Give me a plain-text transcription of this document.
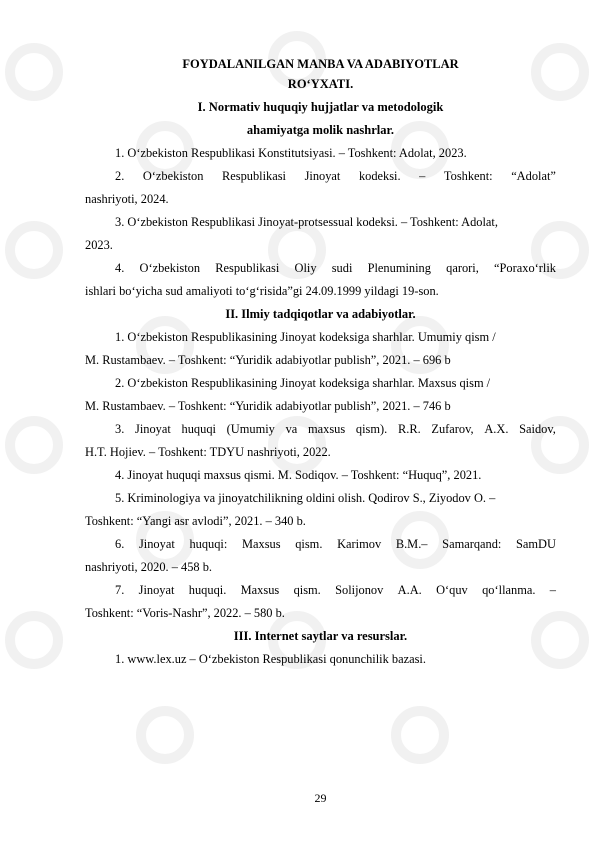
FOYDALANILGAN MANBA VA ADABIYOTLAR
RO‘YXATI.
I. Normativ huquqiy hujjatlar va metodologik
ahamiyatga molik nashrlar.
1. O‘zbekiston Respublikasi Konstitutsiyasi. – Toshkent: Adolat, 2023.
2. O‘zbekiston Respublikasi Jinoyat kodeksi. – Toshkent: “Adolat”
nashriyoti, 2024.
3. O‘zbekiston Respublikasi Jinoyat-protsessual kodeksi. – Toshkent: Adolat,
2023.
4. O‘zbekiston Respublikasi Oliy sudi Plenumining qarori, “Poraxo‘rlik
ishlari bo‘yicha sud amaliyoti to‘g‘risida”gi 24.09.1999 yildagi 19-son.
II. Ilmiy tadqiqotlar va adabiyotlar.
1. O‘zbekiston Respublikasining Jinoyat kodeksiga sharhlar. Umumiy qism /
M. Rustambaev. – Toshkent: “Yuridik adabiyotlar publish”, 2021. – 696 b
2. O‘zbekiston Respublikasining Jinoyat kodeksiga sharhlar. Maxsus qism /
M. Rustambaev. – Toshkent: “Yuridik adabiyotlar publish”, 2021. – 746 b
3. Jinoyat huquqi (Umumiy va maxsus qism). R.R. Zufarov, A.X. Saidov,
H.T. Hojiev. – Toshkent: TDYU nashriyoti, 2022.
4. Jinoyat huquqi maxsus qismi. M. Sodiqov. – Toshkent: “Huquq”, 2021.
5. Kriminologiya va jinoyatchilikning oldini olish. Qodirov S., Ziyodov O. –
Toshkent: “Yangi asr avlodi”, 2021. – 340 b.
6. Jinoyat huquqi: Maxsus qism. Karimov B.M.– Samarqand: SamDU
nashriyoti, 2020. – 458 b.
7. Jinoyat huquqi. Maxsus qism. Solijonov A.A. O‘quv qo‘llanma. –
Toshkent: “Voris-Nashr”, 2022. – 580 b.
III. Internet saytlar va resurslar.
1. www.lex.uz – O‘zbekiston Respublikasi qonunchilik bazasi.
29
